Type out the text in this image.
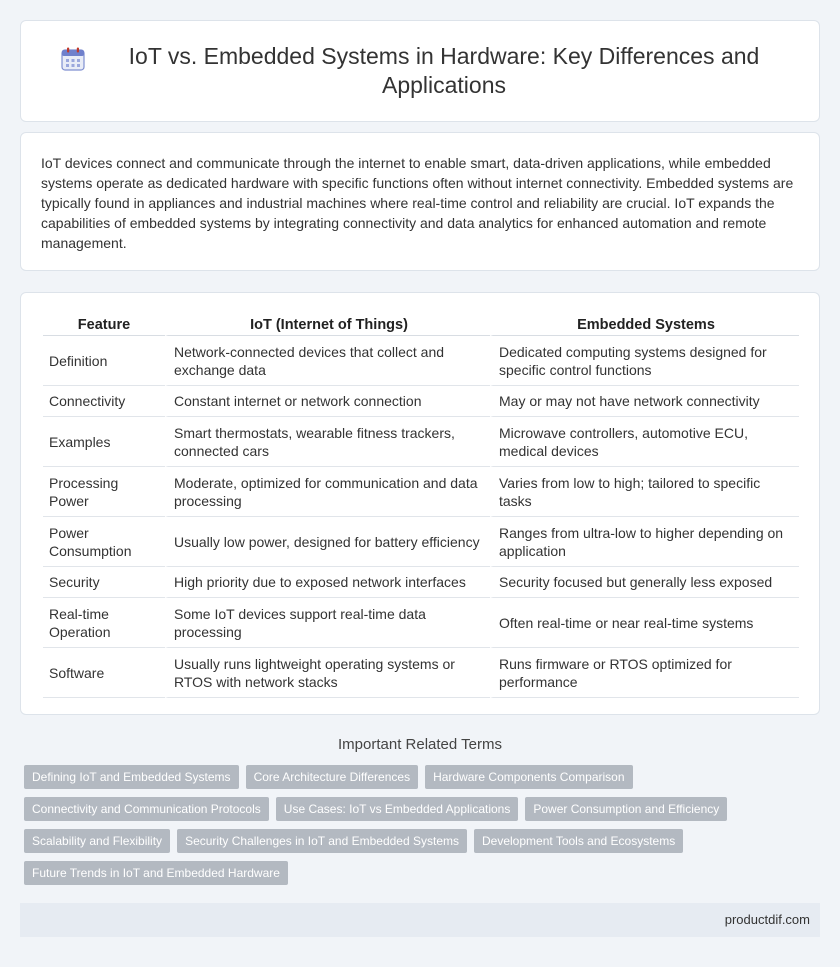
IoT vs. Embedded Systems in Hardware: Key Differences and Applications

IoT devices connect and communicate through the internet to enable smart, data-driven applications, while embedded systems operate as dedicated hardware with specific functions often without internet connectivity. Embedded systems are typically found in appliances and industrial machines where real-time control and reliability are crucial. IoT expands the capabilities of embedded systems by integrating connectivity and data analytics for enhanced automation and remote management.

Feature	IoT (Internet of Things)	Embedded Systems
Definition	Network-connected devices that collect and exchange data	Dedicated computing systems designed for specific control functions
Connectivity	Constant internet or network connection	May or may not have network connectivity
Examples	Smart thermostats, wearable fitness trackers, connected cars	Microwave controllers, automotive ECU, medical devices
Processing Power	Moderate, optimized for communication and data processing	Varies from low to high; tailored to specific tasks
Power Consumption	Usually low power, designed for battery efficiency	Ranges from ultra-low to higher depending on application
Security	High priority due to exposed network interfaces	Security focused but generally less exposed
Real-time Operation	Some IoT devices support real-time data processing	Often real-time or near real-time systems
Software	Usually runs lightweight operating systems or RTOS with network stacks	Runs firmware or RTOS optimized for performance
Important Related Terms
Defining IoT and Embedded Systems	Core Architecture Differences	Hardware Components Comparison
Connectivity and Communication Protocols	Use Cases: IoT vs Embedded Applications	Power Consumption and Efficiency
Scalability and Flexibility	Security Challenges in IoT and Embedded Systems	Development Tools and Ecosystems
Future Trends in IoT and Embedded Hardware
productdif.com
